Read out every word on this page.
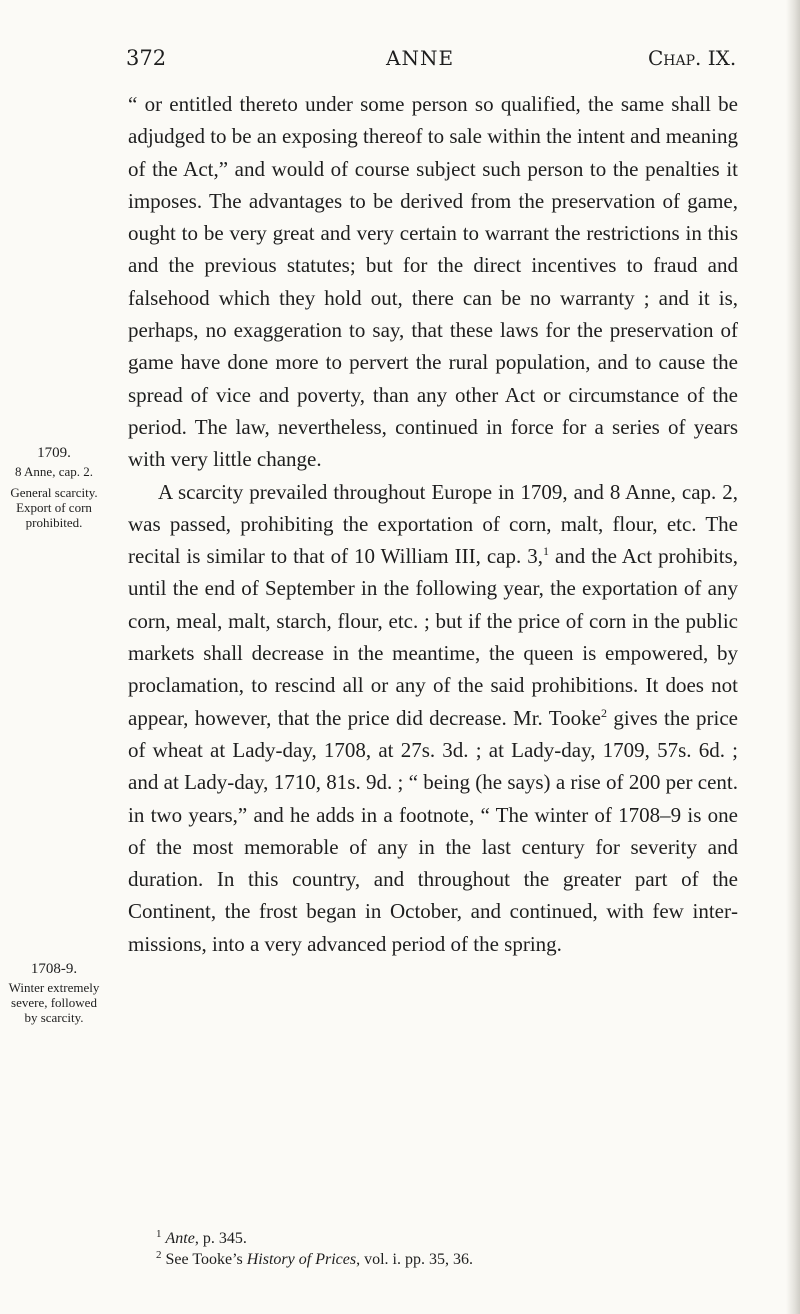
372	ANNE	Chap. IX.

“ or entitled thereto under some person so qualified, the same shall be adjudged to be an exposing thereof to sale within the intent and meaning of the Act,” and would of course subject such person to the penalties it imposes. The advantages to be derived from the preservation of game, ought to be very great and very certain to warrant the restrictions in this and the previous statutes; but for the direct incentives to fraud and falsehood which they hold out, there can be no warranty ; and it is, perhaps, no exaggeration to say, that these laws for the preservation of game have done more to pervert the rural population, and to cause the spread of vice and poverty, than any other Act or circumstance of the period. The law, nevertheless, continued in force for a series of years with very little change.

A scarcity prevailed throughout Europe in 1709, and 8 Anne, cap. 2, was passed, prohibiting the exportation of corn, malt, flour, etc. The recital is similar to that of 10 William III, cap. 3,$^1$ and the Act prohibits, until the end of September in the following year, the exportation of any corn, meal, malt, starch, flour, etc. ; but if the price of corn in the public markets shall decrease in the meantime, the queen is empowered, by proclamation, to rescind all or any of the said prohibitions. It does not appear, however, that the price did decrease. Mr. Tooke$^2$ gives the price of wheat at Lady-day, 1708, at 27s. 3d. ; at Lady-day, 1709, 57s. 6d. ; and at Lady-day, 1710, 81s. 9d. ; “ being (he says) a rise of 200 per cent. in two years,” and he adds in a footnote, “ The winter of 1708–9 is one of the most memorable of any in the last century for severity and duration. In this country, and throughout the greater part of the Continent, the frost began in October, and continued, with few intermissions, into a very advanced period of the spring.

1709.
8 Anne, cap. 2.
General scarcity. Export of corn prohibited.
1708-9.
Winter extremely severe, followed by scarcity.
$^1$ Ante, p. 345.
$^2$ See Tooke’s History of Prices, vol. i. pp. 35, 36.
